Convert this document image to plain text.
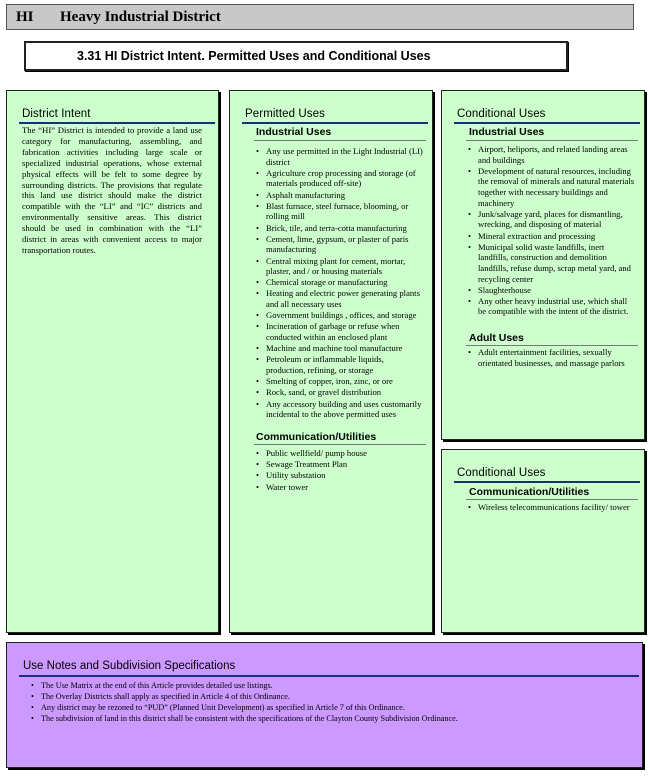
HI Heavy Industrial District
3.31 HI District Intent. Permitted Uses and Conditional Uses
District Intent

The “HI” District is intended to provide a land use category for manufacturing, assembling, and fabrication activities including large scale or specialized industrial operations, whose external physical effects will be felt to some degree by surrounding districts. The provisions that regulate this land use district should make the district compatible with the “LI” and “IC” districts and environmentally sensitive areas. This district should be used in combination with the “LI” district in areas with convenient access to major transportation routes.

Permitted Uses
Industrial Uses
• Any use permitted in the Light Industrial (LI) district
• Agriculture crop processing and storage (of materials produced off-site)
• Asphalt manufacturing
• Blast furnace, steel furnace, blooming, or rolling mill
• Brick, tile, and terra-cotta manufacturing
• Cement, lime, gypsum, or plaster of paris manufacturing
• Central mixing plant for cement, mortar, plaster, and / or housing materials
• Chemical storage or manufacturing
• Heating and electric power generating plants and all necessary uses
• Government buildings , offices, and storage
• Incineration of garbage or refuse when conducted within an enclosed plant
• Machine and machine tool manufacture
• Petroleum or inflammable liquids, production, refining, or storage
• Smelting of copper, iron, zinc, or ore
• Rock, sand, or gravel distribution
• Any accessory building and uses customarily incidental to the above permitted uses
Communication/Utilities
• Public wellfield/ pump house
• Sewage Treatment Plan
• Utility substation
• Water tower
Conditional Uses
Industrial Uses
• Airport, heliports, and related landing areas and buildings
• Development of natural resources, including the removal of minerals and natural materials together with necessary buildings and machinery
• Junk/salvage yard, places for dismantling, wrecking, and disposing of material
• Mineral extraction and processing
• Municipal solid waste landfills, inert landfills, construction and demolition landfills, refuse dump, scrap metal yard, and recycling center
• Slaughterhouse
• Any other heavy industrial use, which shall be compatible with the intent of the district.
Adult Uses
• Adult entertainment facilities, sexually orientated businesses, and massage parlors
Conditional Uses
Communication/Utilities
• Wireless telecommunications facility/ tower
Use Notes and Subdivision Specifications
• The Use Matrix at the end of this Article provides detailed use listings.
• The Overlay Districts shall apply as specified in Article 4 of this Ordinance.
• Any district may be rezoned to “PUD” (Planned Unit Development) as specified in Article 7 of this Ordinance.
• The subdivision of land in this district shall be consistent with the specifications of the Clayton County Subdivision Ordinance.
